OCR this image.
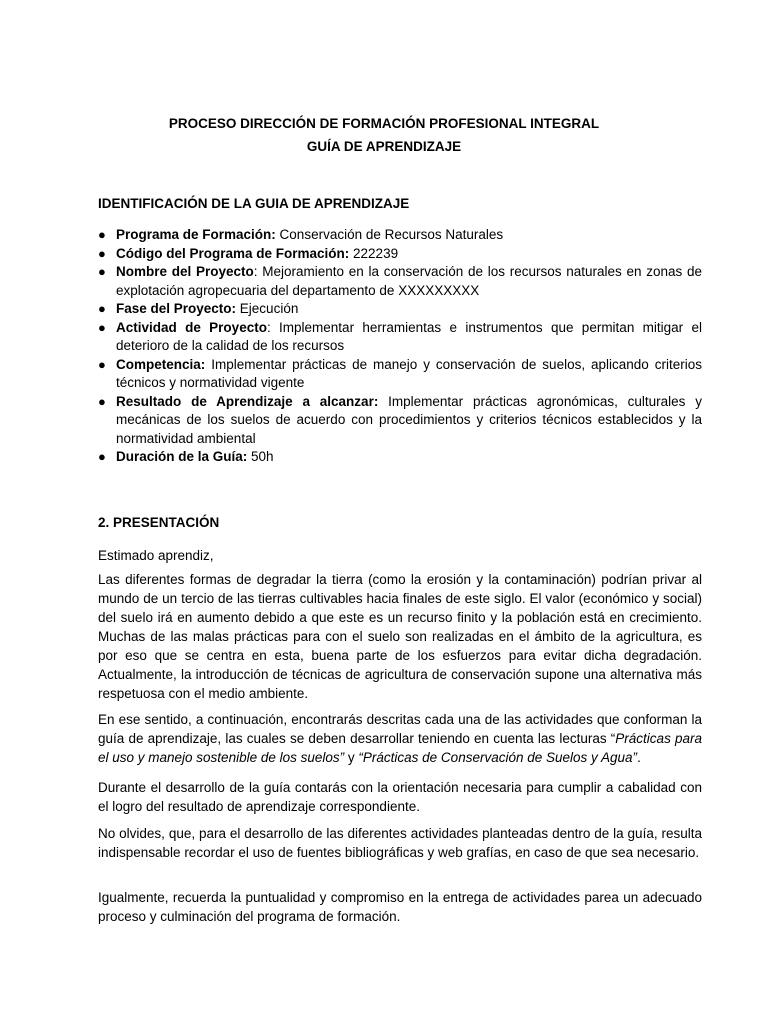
PROCESO DIRECCIÓN DE FORMACIÓN PROFESIONAL INTEGRAL
GUÍA DE APRENDIZAJE
IDENTIFICACIÓN DE LA GUIA DE APRENDIZAJE
● Programa de Formación: Conservación de Recursos Naturales
● Código del Programa de Formación: 222239
● Nombre del Proyecto: Mejoramiento en la conservación de los recursos naturales en zonas de explotación agropecuaria del departamento de XXXXXXXXX
● Fase del Proyecto: Ejecución
● Actividad de Proyecto: Implementar herramientas e instrumentos que permitan mitigar el deterioro de la calidad de los recursos
● Competencia: Implementar prácticas de manejo y conservación de suelos, aplicando criterios técnicos y normatividad vigente
● Resultado de Aprendizaje a alcanzar: Implementar prácticas agronómicas, culturales y mecánicas de los suelos de acuerdo con procedimientos y criterios técnicos establecidos y la normatividad ambiental
● Duración de la Guía: 50h
2. PRESENTACIÓN

Estimado aprendiz,

Las diferentes formas de degradar la tierra (como la erosión y la contaminación) podrían privar al mundo de un tercio de las tierras cultivables hacia finales de este siglo. El valor (económico y social) del suelo irá en aumento debido a que este es un recurso finito y la población está en crecimiento. Muchas de las malas prácticas para con el suelo son realizadas en el ámbito de la agricultura, es por eso que se centra en esta, buena parte de los esfuerzos para evitar dicha degradación. Actualmente, la introducción de técnicas de agricultura de conservación supone una alternativa más respetuosa con el medio ambiente.

En ese sentido, a continuación, encontrarás descritas cada una de las actividades que conforman la guía de aprendizaje, las cuales se deben desarrollar teniendo en cuenta las lecturas “Prácticas para el uso y manejo sostenible de los suelos” y “Prácticas de Conservación de Suelos y Agua”.

Durante el desarrollo de la guía contarás con la orientación necesaria para cumplir a cabalidad con el logro del resultado de aprendizaje correspondiente.

No olvides, que, para el desarrollo de las diferentes actividades planteadas dentro de la guía, resulta indispensable recordar el uso de fuentes bibliográficas y web grafías, en caso de que sea necesario.

Igualmente, recuerda la puntualidad y compromiso en la entrega de actividades parea un adecuado proceso y culminación del programa de formación.
